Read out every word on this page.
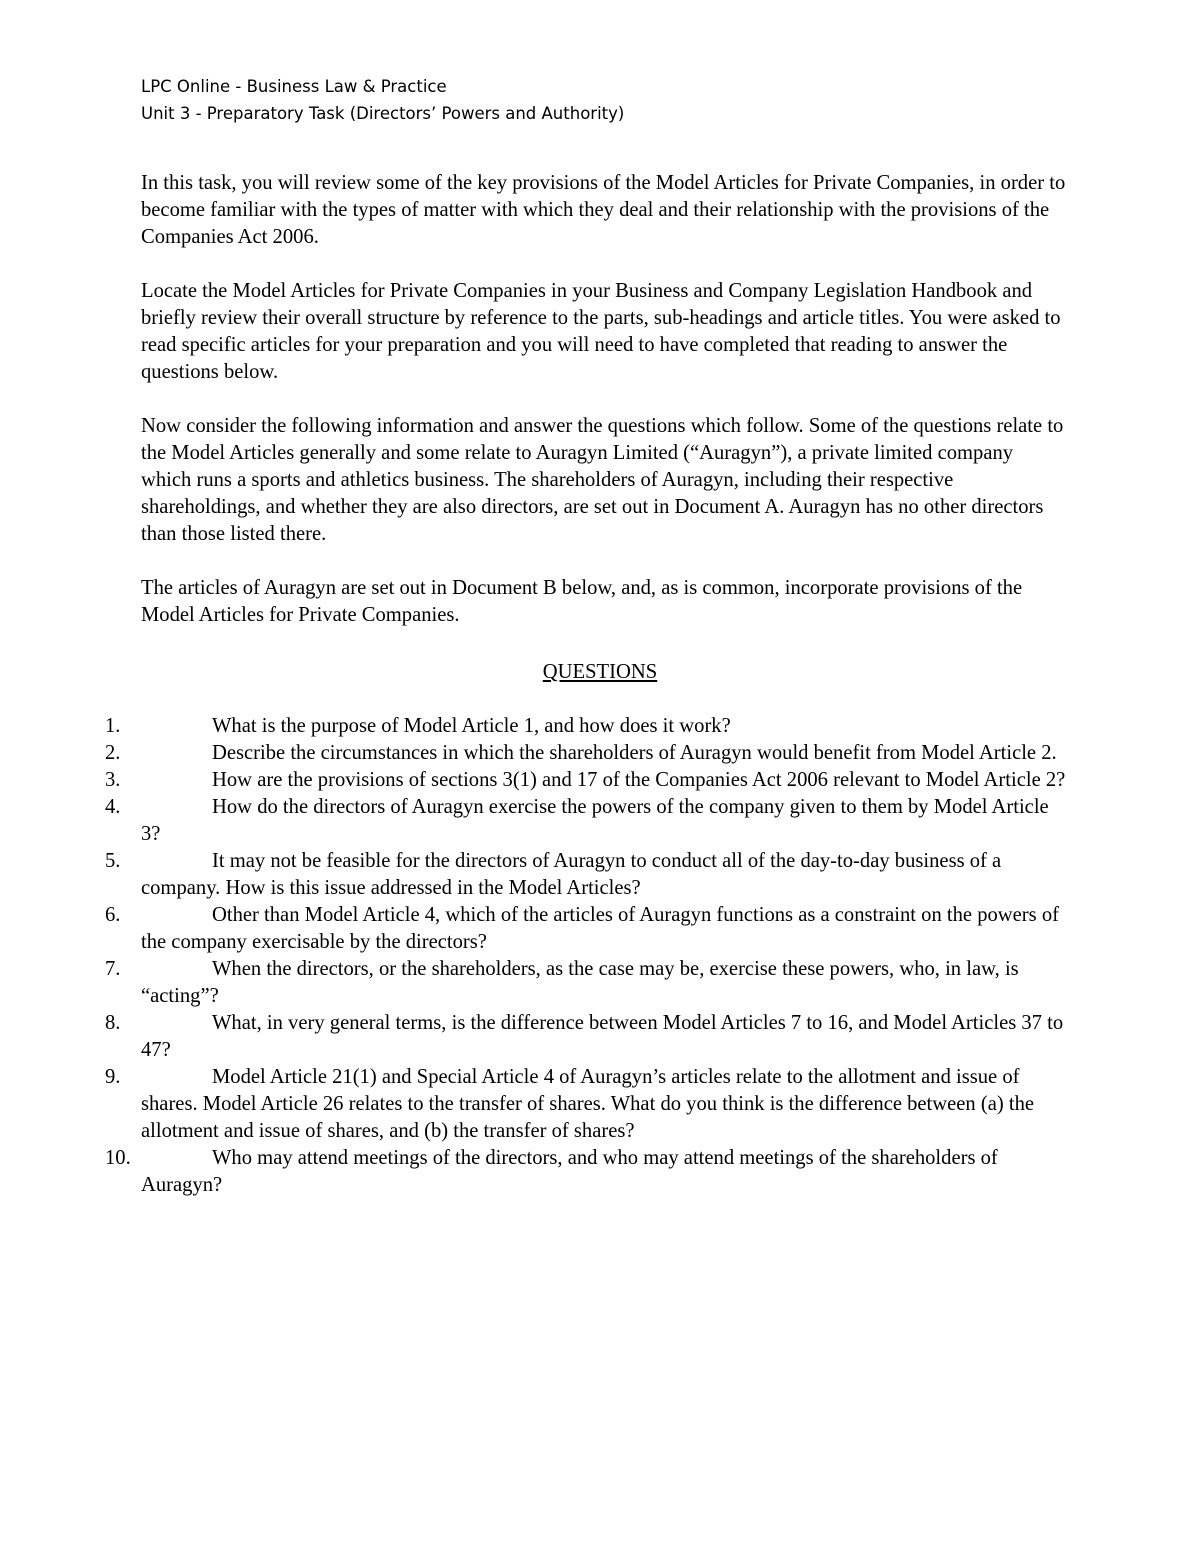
LPC Online - Business Law & Practice
Unit 3 - Preparatory Task (Directors’ Powers and Authority)

In this task, you will review some of the key provisions of the Model Articles for Private Companies, in order to become familiar with the types of matter with which they deal and their relationship with the provisions of the Companies Act 2006.

Locate the Model Articles for Private Companies in your Business and Company Legislation Handbook and briefly review their overall structure by reference to the parts, sub-headings and article titles. You were asked to read specific articles for your preparation and you will need to have completed that reading to answer the questions below.

Now consider the following information and answer the questions which follow. Some of the questions relate to the Model Articles generally and some relate to Auragyn Limited (“Auragyn”), a private limited company which runs a sports and athletics business. The shareholders of Auragyn, including their respective shareholdings, and whether they are also directors, are set out in Document A. Auragyn has no other directors than those listed there.

The articles of Auragyn are set out in Document B below, and, as is common, incorporate provisions of the Model Articles for Private Companies.

QUESTIONS
1.	What is the purpose of Model Article 1, and how does it work?
2.	Describe the circumstances in which the shareholders of Auragyn would benefit from Model Article 2.
3.	How are the provisions of sections 3(1) and 17 of the Companies Act 2006 relevant to Model Article 2?
4.	How do the directors of Auragyn exercise the powers of the company given to them by Model Article 3?
5.	It may not be feasible for the directors of Auragyn to conduct all of the day-to-day business of a company. How is this issue addressed in the Model Articles?
6.	Other than Model Article 4, which of the articles of Auragyn functions as a constraint on the powers of the company exercisable by the directors?
7.	When the directors, or the shareholders, as the case may be, exercise these powers, who, in law, is “acting”?
8.	What, in very general terms, is the difference between Model Articles 7 to 16, and Model Articles 37 to 47?
9.	Model Article 21(1) and Special Article 4 of Auragyn’s articles relate to the allotment and issue of shares. Model Article 26 relates to the transfer of shares. What do you think is the difference between (a) the allotment and issue of shares, and (b) the transfer of shares?
10.	Who may attend meetings of the directors, and who may attend meetings of the shareholders of Auragyn?
